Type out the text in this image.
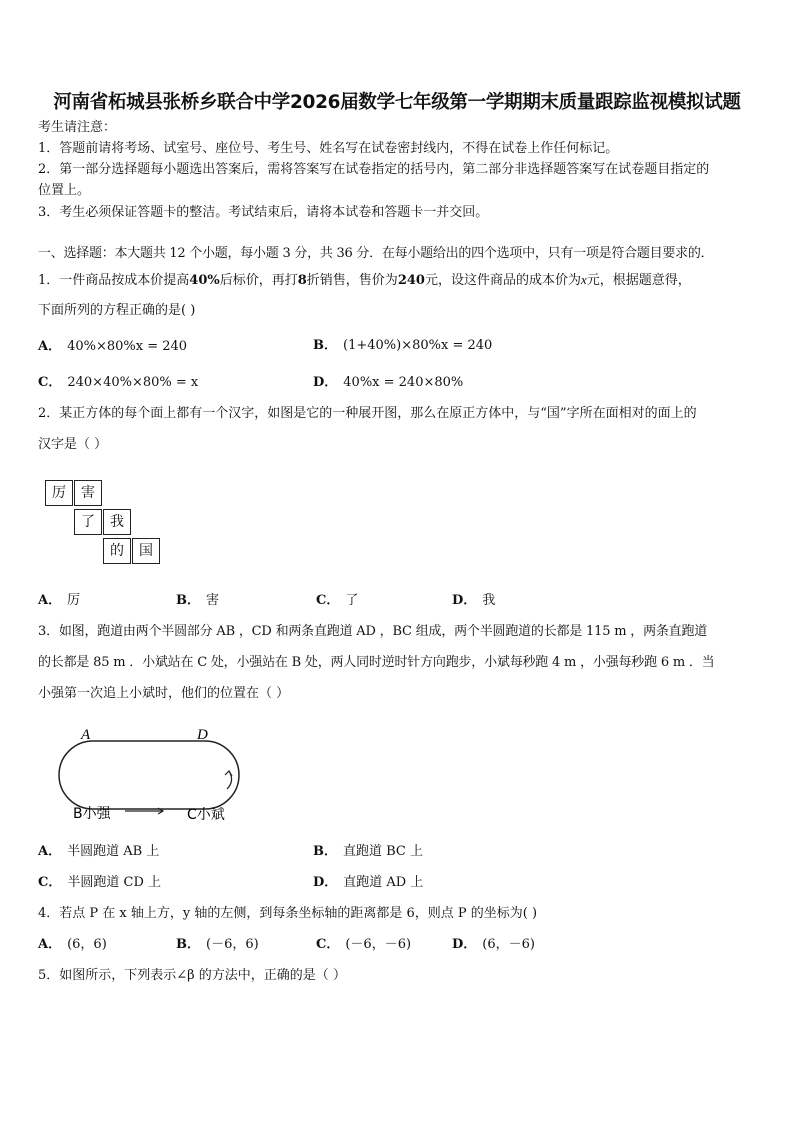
河南省柘城县张桥乡联合中学2026届数学七年级第一学期期末质量跟踪监视模拟试题
考生请注意：
1．答题前请将考场、试室号、座位号、考生号、姓名写在试卷密封线内，不得在试卷上作任何标记。
2．第一部分选择题每小题选出答案后，需将答案写在试卷指定的括号内，第二部分非选择题答案写在试卷题目指定的
位置上。
3．考生必须保证答题卡的整洁。考试结束后，请将本试卷和答题卡一并交回。
一、选择题：本大题共 12 个小题，每小题 3 分，共 36 分．在每小题给出的四个选项中，只有一项是符合题目要求的．
1．一件商品按成本价提高40%后标价，再打8折销售，售价为240元，设这件商品的成本价为x元，根据题意得，
下面所列的方程正确的是( )
A． 40%×80%x = 240	B． (1+40%)×80%x = 240
C． 240×40%×80% = x	D． 40%x = 240×80%
2．某正方体的每个面上都有一个汉字，如图是它的一种展开图，那么在原正方体中，与“国”字所在面相对的面上的
汉字是（ ）
厉	害
了	我
的	国
A． 厉	B． 害	C． 了	D． 我
3．如图，跑道由两个半圆部分 AB ，CD 和两条直跑道 AD ，BC 组成，两个半圆跑道的长都是 115 m ，两条直跑道
的长都是 85 m ．小斌站在 C 处，小强站在 B 处，两人同时逆时针方向跑步，小斌每秒跑 4 m ，小强每秒跑 6 m ．当
小强第一次追上小斌时，他们的位置在（ ）
A	D
B小强	C小斌
A． 半圆跑道 AB 上	B． 直跑道 BC 上
C． 半圆跑道 CD 上	D． 直跑道 AD 上
4．若点 P 在 x 轴上方，y 轴的左侧，到每条坐标轴的距离都是 6，则点 P 的坐标为( )
A． (6，6)	B． (－6，6)	C． (－6，－6)	D． (6，－6)
5．如图所示，下列表示∠β 的方法中，正确的是（ ）
